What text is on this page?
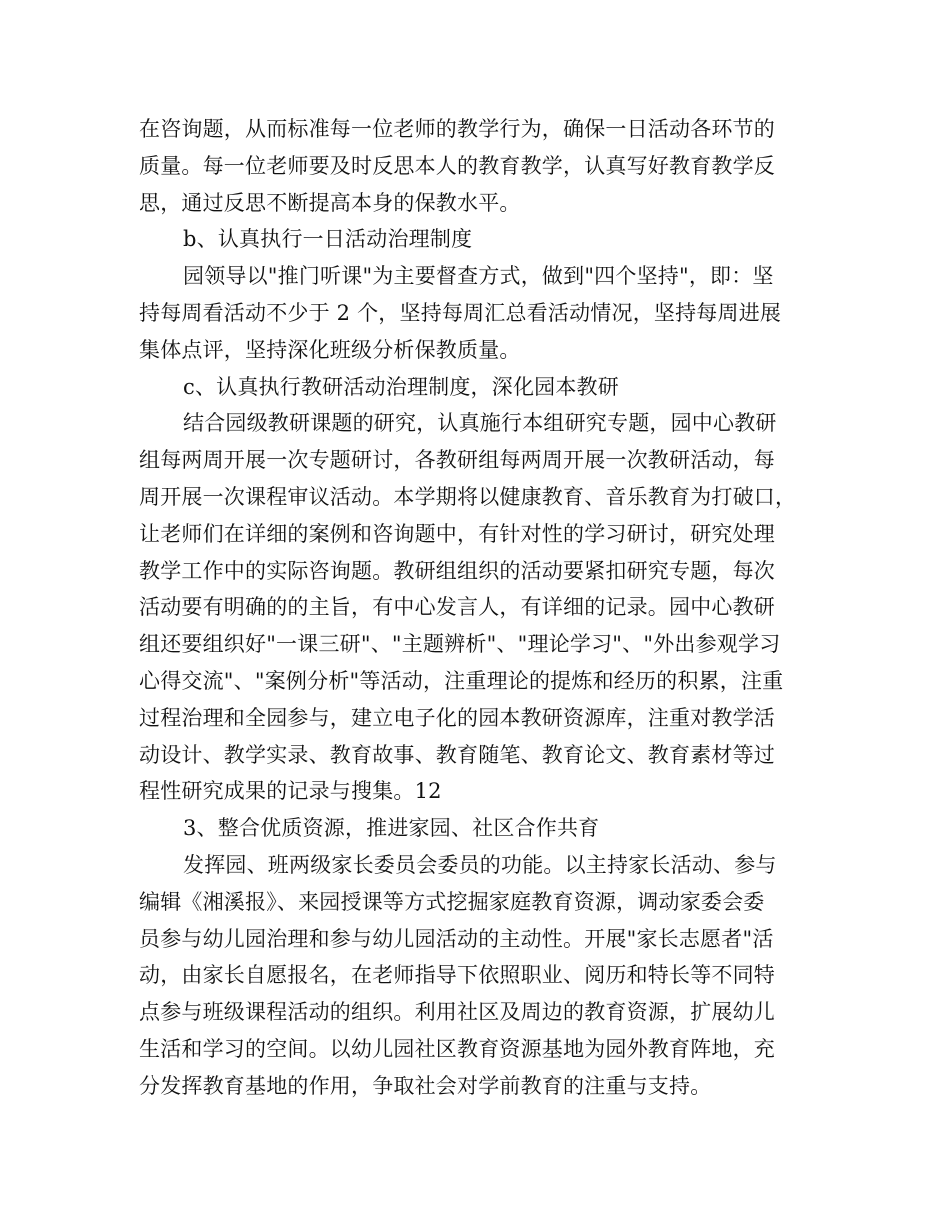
在咨询题，从而标准每一位老师的教学行为，确保一日活动各环节的
质量。每一位老师要及时反思本人的教育教学，认真写好教育教学反
思，通过反思不断提高本身的保教水平。
b、认真执行一日活动治理制度
园领导以"推门听课"为主要督查方式，做到"四个坚持"，即：坚
持每周看活动不少于 2 个，坚持每周汇总看活动情况，坚持每周进展
集体点评，坚持深化班级分析保教质量。
c、认真执行教研活动治理制度，深化园本教研
结合园级教研课题的研究，认真施行本组研究专题，园中心教研
组每两周开展一次专题研讨，各教研组每两周开展一次教研活动，每
周开展一次课程审议活动。本学期将以健康教育、音乐教育为打破口，
让老师们在详细的案例和咨询题中，有针对性的学习研讨，研究处理
教学工作中的实际咨询题。教研组组织的活动要紧扣研究专题，每次
活动要有明确的的主旨，有中心发言人，有详细的记录。园中心教研
组还要组织好"一课三研"、"主题辨析"、"理论学习"、"外出参观学习
心得交流"、"案例分析"等活动，注重理论的提炼和经历的积累，注重
过程治理和全园参与，建立电子化的园本教研资源库，注重对教学活
动设计、教学实录、教育故事、教育随笔、教育论文、教育素材等过
程性研究成果的记录与搜集。12
3、整合优质资源，推进家园、社区合作共育
发挥园、班两级家长委员会委员的功能。以主持家长活动、参与
编辑《湘溪报》、来园授课等方式挖掘家庭教育资源，调动家委会委
员参与幼儿园治理和参与幼儿园活动的主动性。开展"家长志愿者"活
动，由家长自愿报名，在老师指导下依照职业、阅历和特长等不同特
点参与班级课程活动的组织。利用社区及周边的教育资源，扩展幼儿
生活和学习的空间。以幼儿园社区教育资源基地为园外教育阵地，充
分发挥教育基地的作用，争取社会对学前教育的注重与支持。
